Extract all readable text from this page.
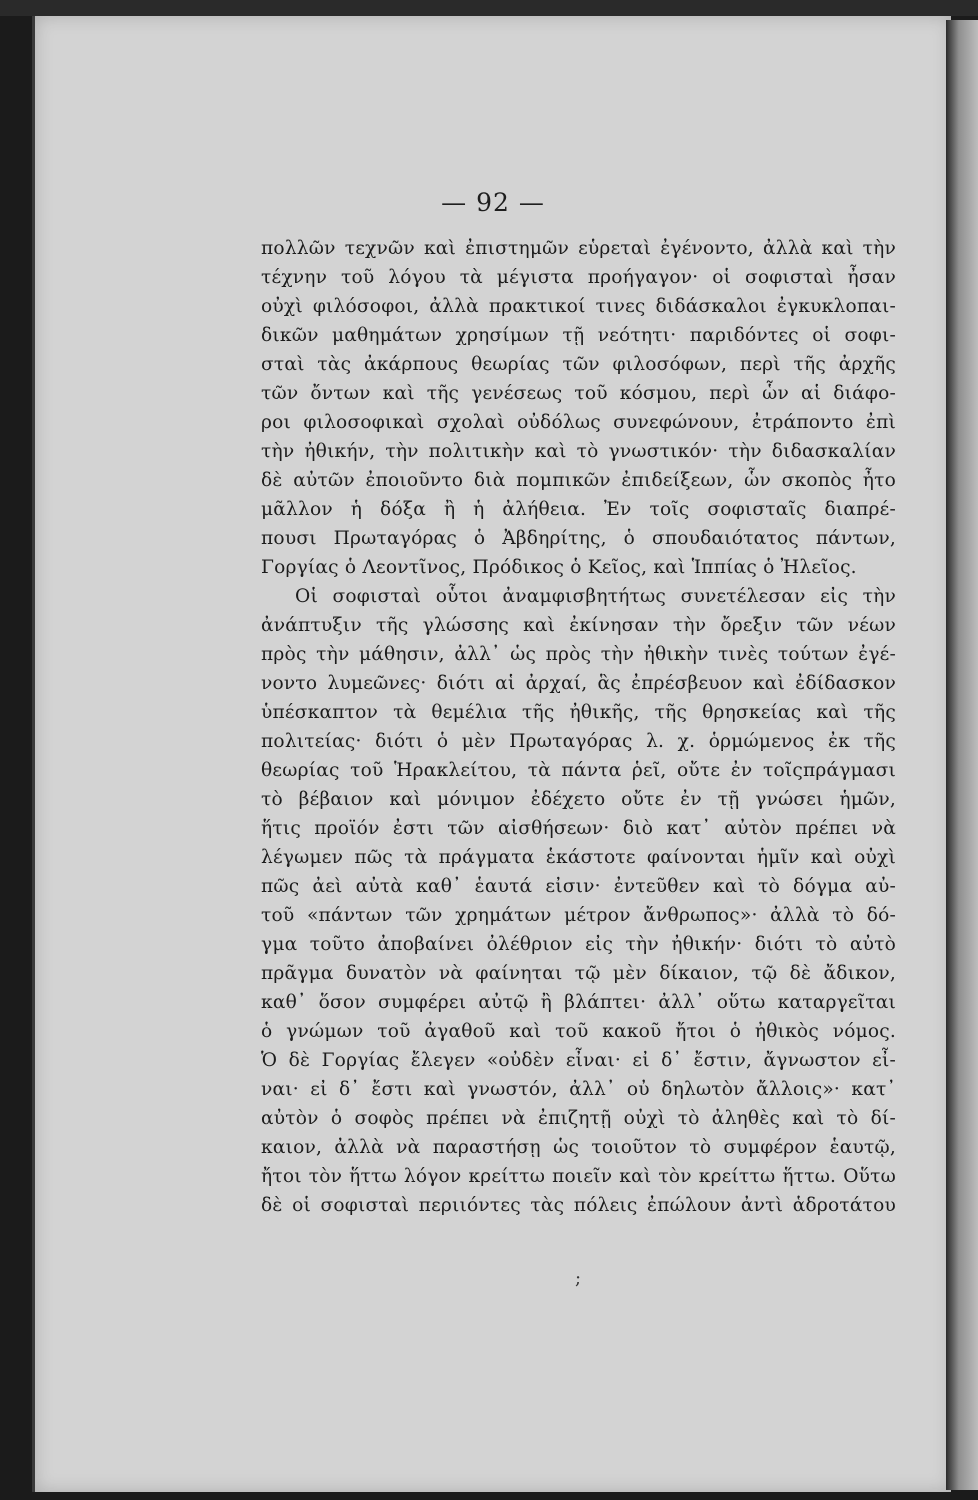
— 92 —
πολλῶν τεχνῶν καὶ ἐπιστημῶν εὑρεταὶ ἐγένοντο, ἀλλὰ καὶ τὴν
τέχνην τοῦ λόγου τὰ μέγιστα προήγαγον· οἱ σοφισταὶ ἦσαν
οὐχὶ φιλόσοφοι, ἀλλὰ πρακτικοί τινες διδάσκαλοι ἐγκυκλοπαι-
δικῶν μαθημάτων χρησίμων τῇ νεότητι· παριδόντες οἱ σοφι-
σταὶ τὰς ἀκάρπους θεωρίας τῶν φιλοσόφων, περὶ τῆς ἀρχῆς
τῶν ὄντων καὶ τῆς γενέσεως τοῦ κόσμου, περὶ ὧν αἱ διάφο-
ροι φιλοσοφικαὶ σχολαὶ οὐδόλως συνεφώνουν, ἐτράποντο ἐπὶ
τὴν ἠθικήν, τὴν πολιτικὴν καὶ τὸ γνωστικόν· τὴν διδασκαλίαν
δὲ αὐτῶν ἐποιοῦντο διὰ πομπικῶν ἐπιδείξεων, ὧν σκοπὸς ἦτο
μᾶλλον ἡ δόξα ἢ ἡ ἀλήθεια. Ἐν τοῖς σοφισταῖς διαπρέ-
πουσι Πρωταγόρας ὁ Ἀβδηρίτης, ὁ σπουδαιότατος πάντων,
Γοργίας ὁ Λεοντῖνος, Πρόδικος ὁ Κεῖος, καὶ Ἱππίας ὁ Ἠλεῖος.
Οἱ σοφισταὶ οὗτοι ἀναμφισβητήτως συνετέλεσαν εἰς τὴν
ἀνάπτυξιν τῆς γλώσσης καὶ ἐκίνησαν τὴν ὄρεξιν τῶν νέων
πρὸς τὴν μάθησιν, ἀλλ᾽ ὡς πρὸς τὴν ἠθικὴν τινὲς τούτων ἐγέ-
νοντο λυμεῶνες· διότι αἱ ἀρχαί, ἃς ἐπρέσβευον καὶ ἐδίδασκον
ὑπέσκαπτον τὰ θεμέλια τῆς ἠθικῆς, τῆς θρησκείας καὶ τῆς
πολιτείας· διότι ὁ μὲν Πρωταγόρας λ. χ. ὁρμώμενος ἐκ τῆς
θεωρίας τοῦ Ἡρακλείτου, τὰ πάντα ῥεῖ, οὔτε ἐν τοῖςπράγμασι
τὸ βέβαιον καὶ μόνιμον ἐδέχετο οὔτε ἐν τῇ γνώσει ἡμῶν,
ἥτις προϊόν ἐστι τῶν αἰσθήσεων· διὸ κατ᾽ αὐτὸν πρέπει νὰ
λέγωμεν πῶς τὰ πράγματα ἑκάστοτε φαίνονται ἡμῖν καὶ οὐχὶ
πῶς ἀεὶ αὐτὰ καθ᾽ ἑαυτά εἰσιν· ἐντεῦθεν καὶ τὸ δόγμα αὐ-
τοῦ «πάντων τῶν χρημάτων μέτρον ἄνθρωπος»· ἀλλὰ τὸ δό-
γμα τοῦτο ἀποβαίνει ὀλέθριον εἰς τὴν ἠθικήν· διότι τὸ αὐτὸ
πρᾶγμα δυνατὸν νὰ φαίνηται τῷ μὲν δίκαιον, τῷ δὲ ἄδικον,
καθ᾽ ὅσον συμφέρει αὐτῷ ἢ βλάπτει· ἀλλ᾽ οὕτω καταργεῖται
ὁ γνώμων τοῦ ἀγαθοῦ καὶ τοῦ κακοῦ ἤτοι ὁ ἠθικὸς νόμος.
Ὁ δὲ Γοργίας ἔλεγεν «οὐδὲν εἶναι· εἰ δ᾽ ἔστιν, ἄγνωστον εἶ-
ναι· εἰ δ᾽ ἔστι καὶ γνωστόν, ἀλλ᾽ οὐ δηλωτὸν ἄλλοις»· κατ᾽
αὐτὸν ὁ σοφὸς πρέπει νὰ ἐπιζητῇ οὐχὶ τὸ ἀληθὲς καὶ τὸ δί-
καιον, ἀλλὰ νὰ παραστήσῃ ὡς τοιοῦτον τὸ συμφέρον ἑαυτῷ,
ἤτοι τὸν ἥττω λόγον κρείττω ποιεῖν καὶ τὸν κρείττω ἥττω. Οὕτω
δὲ οἱ σοφισταὶ περιιόντες τὰς πόλεις ἐπώλουν ἀντὶ ἁδροτάτου
;
